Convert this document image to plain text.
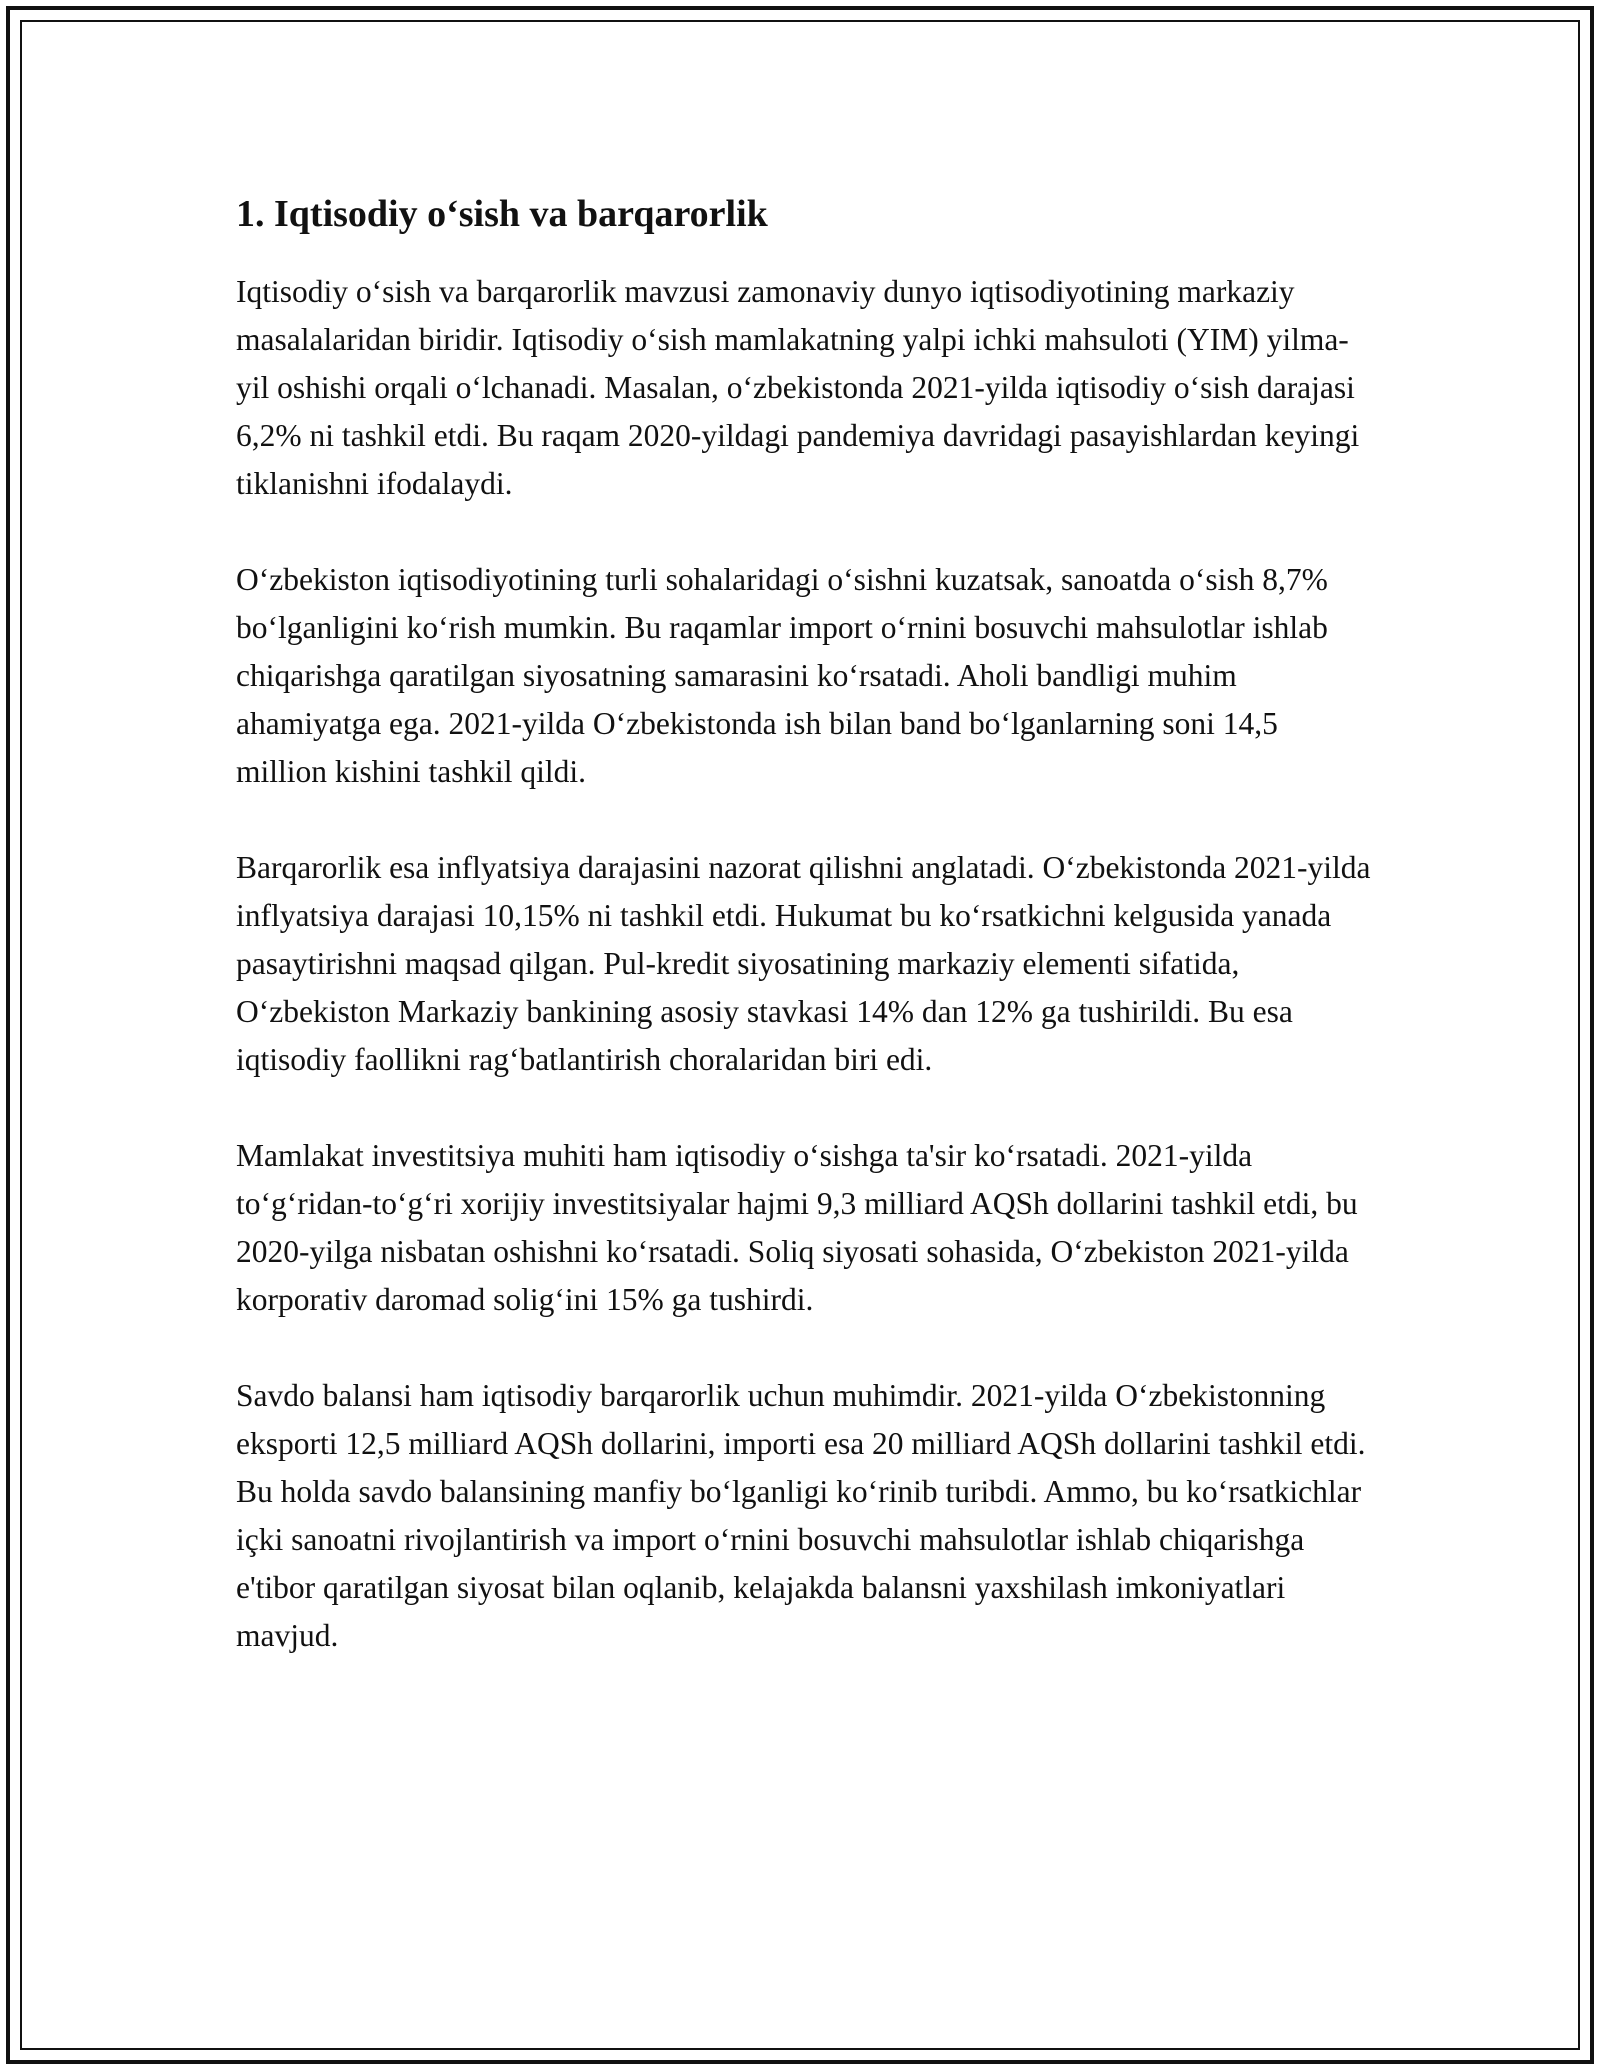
1. Iqtisodiy oʻsish va barqarorlik

Iqtisodiy oʻsish va barqarorlik mavzusi zamonaviy dunyo iqtisodiyotining markaziy masalalaridan biridir. Iqtisodiy oʻsish mamlakatning yalpi ichki mahsuloti (YIM) yilma-yil oshishi orqali oʻlchanadi. Masalan, oʻzbekistonda 2021-yilda iqtisodiy oʻsish darajasi 6,2% ni tashkil etdi. Bu raqam 2020-yildagi pandemiya davridagi pasayishlardan keyingi tiklanishni ifodalaydi.

Oʻzbekiston iqtisodiyotining turli sohalaridagi oʻsishni kuzatsak, sanoatda oʻsish 8,7% boʻlganligini koʻrish mumkin. Bu raqamlar import oʻrnini bosuvchi mahsulotlar ishlab chiqarishga qaratilgan siyosatning samarasini koʻrsatadi. Aholi bandligi muhim ahamiyatga ega. 2021-yilda Oʻzbekistonda ish bilan band boʻlganlarning soni 14,5 million kishini tashkil qildi.

Barqarorlik esa inflyatsiya darajasini nazorat qilishni anglatadi. Oʻzbekistonda 2021-yilda inflyatsiya darajasi 10,15% ni tashkil etdi. Hukumat bu koʻrsatkichni kelgusida yanada pasaytirishni maqsad qilgan. Pul-kredit siyosatining markaziy elementi sifatida, Oʻzbekiston Markaziy bankining asosiy stavkasi 14% dan 12% ga tushirildi. Bu esa iqtisodiy faollikni ragʻbatlantirish choralaridan biri edi.

Mamlakat investitsiya muhiti ham iqtisodiy oʻsishga ta'sir koʻrsatadi. 2021-yilda toʻgʻridan-toʻgʻri xorijiy investitsiyalar hajmi 9,3 milliard AQSh dollarini tashkil etdi, bu 2020-yilga nisbatan oshishni koʻrsatadi. Soliq siyosati sohasida, Oʻzbekiston 2021-yilda korporativ daromad soligʻini 15% ga tushirdi.

Savdo balansi ham iqtisodiy barqarorlik uchun muhimdir. 2021-yilda Oʻzbekistonning eksporti 12,5 milliard AQSh dollarini, importi esa 20 milliard AQSh dollarini tashkil etdi. Bu holda savdo balansining manfiy boʻlganligi koʻrinib turibdi. Ammo, bu koʻrsatkichlar içki sanoatni rivojlantirish va import oʻrnini bosuvchi mahsulotlar ishlab chiqarishga e'tibor qaratilgan siyosat bilan oqlanib, kelajakda balansni yaxshilash imkoniyatlari mavjud.
